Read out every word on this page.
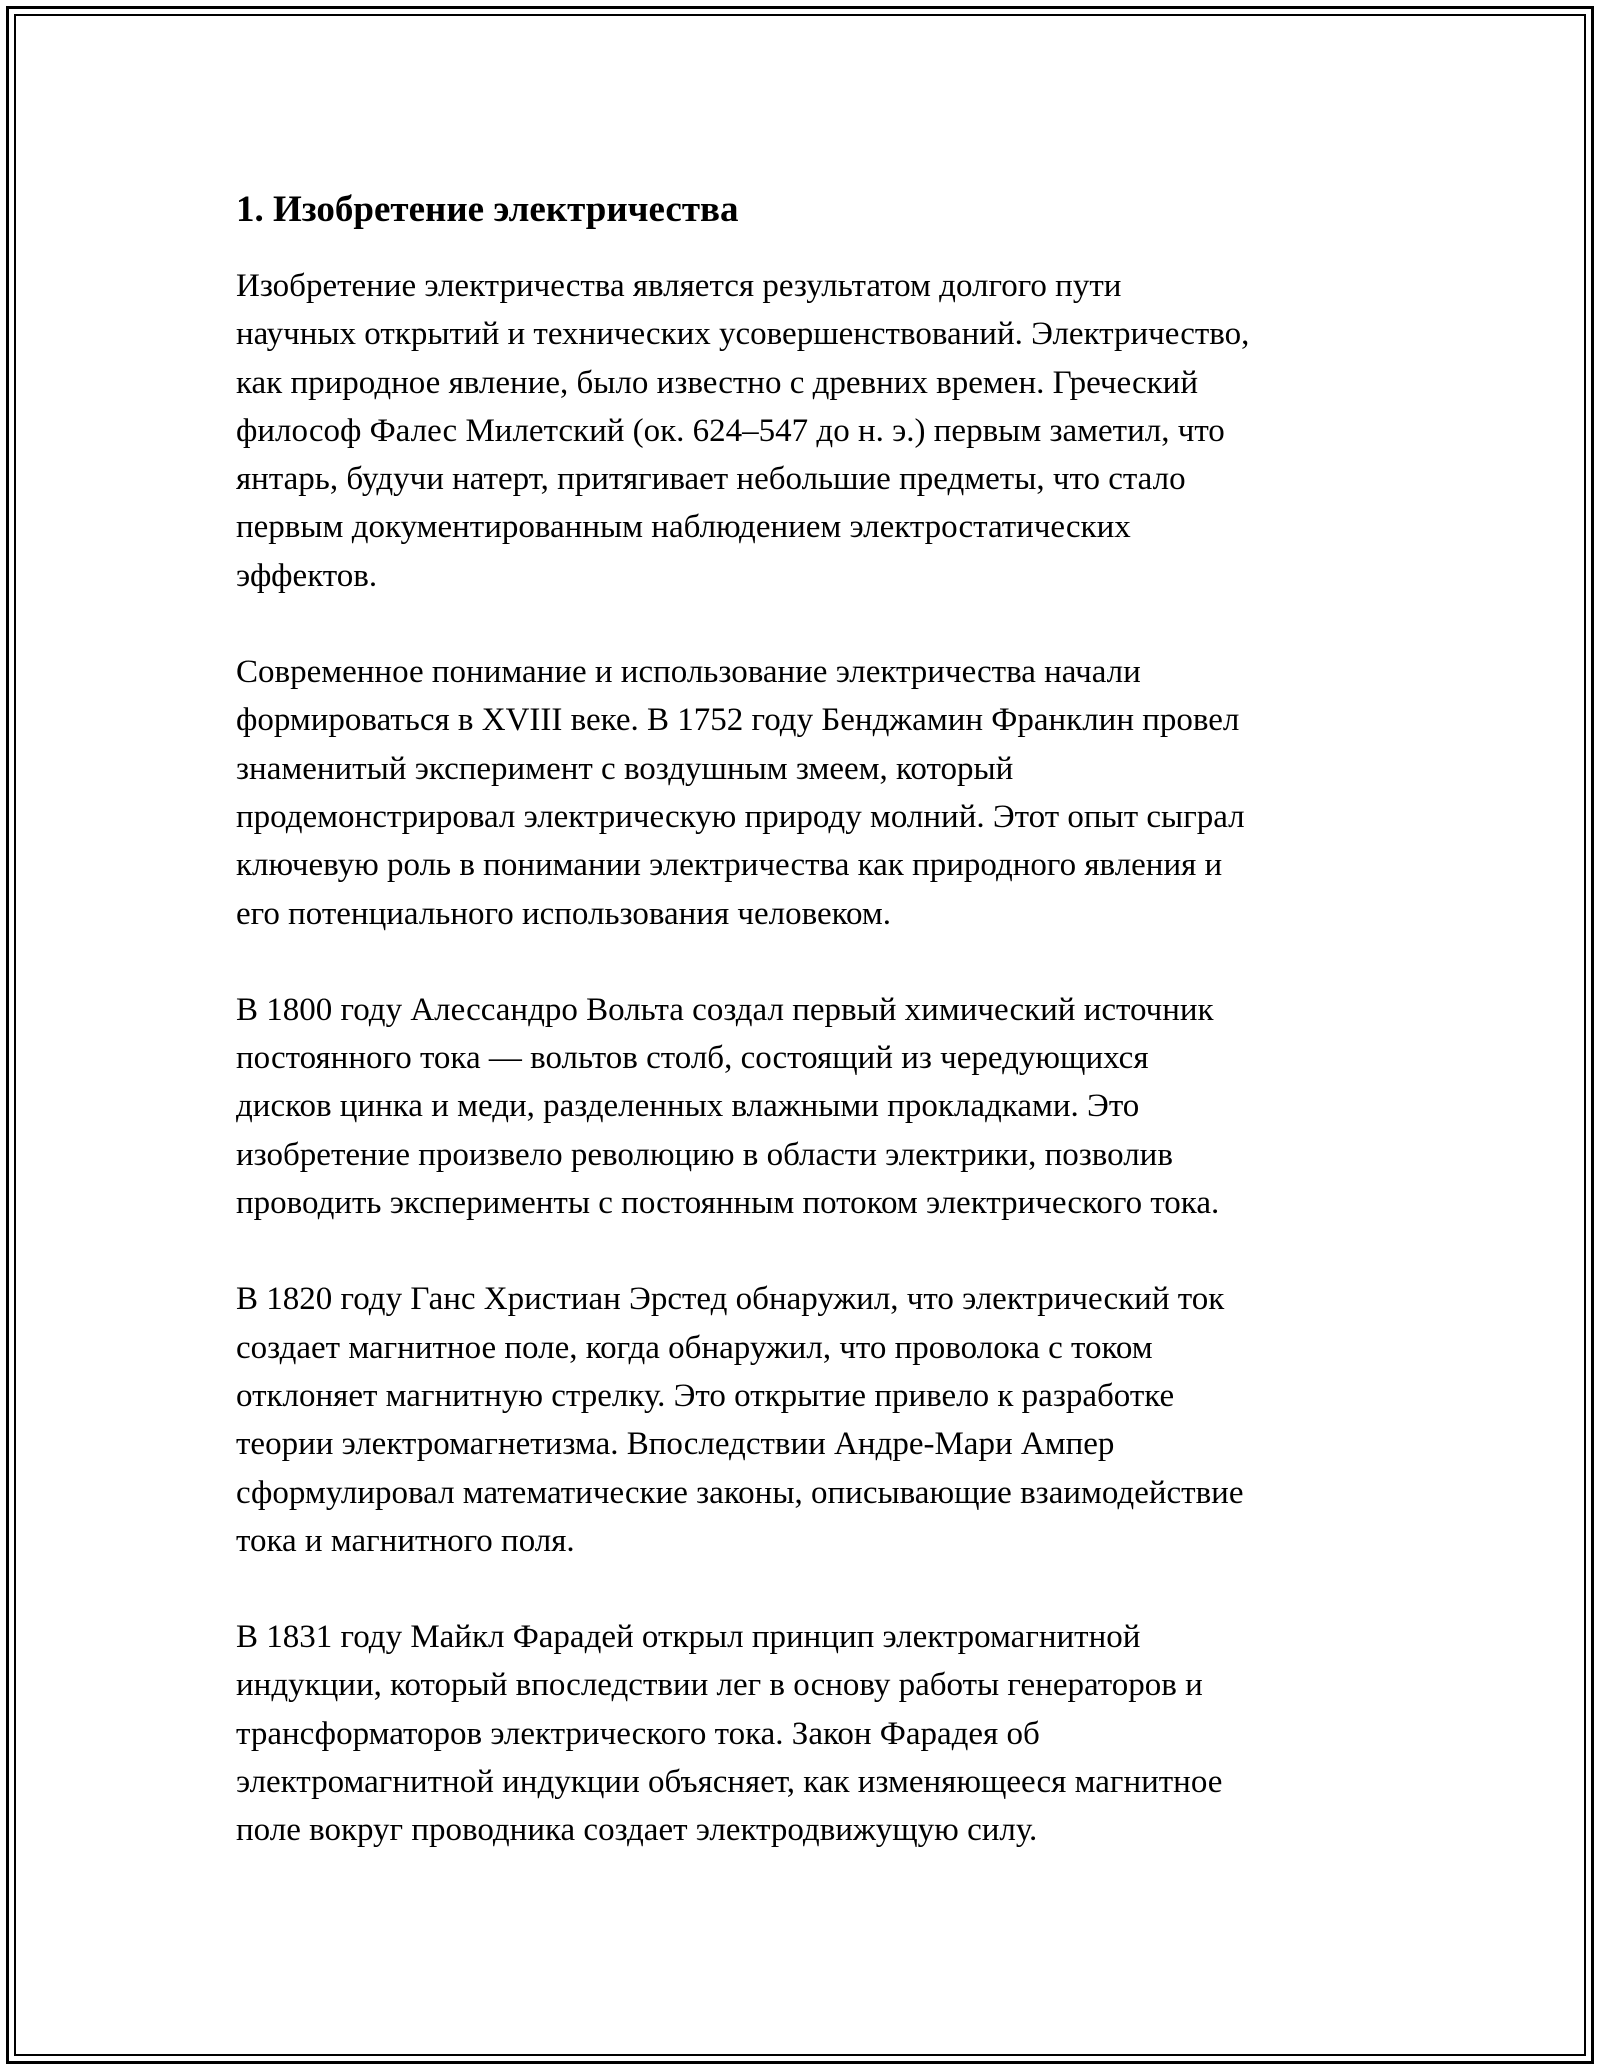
1. Изобретение электричества

Изобретение электричества является результатом долгого пути
научных открытий и технических усовершенствований. Электричество,
как природное явление, было известно с древних времен. Греческий
философ Фалес Милетский (ок. 624–547 до н. э.) первым заметил, что
янтарь, будучи натерт, притягивает небольшие предметы, что стало
первым документированным наблюдением электростатических
эффектов.

Современное понимание и использование электричества начали
формироваться в XVIII веке. В 1752 году Бенджамин Франклин провел
знаменитый эксперимент с воздушным змеем, который
продемонстрировал электрическую природу молний. Этот опыт сыграл
ключевую роль в понимании электричества как природного явления и
его потенциального использования человеком.

В 1800 году Алессандро Вольта создал первый химический источник
постоянного тока — вольтов столб, состоящий из чередующихся
дисков цинка и меди, разделенных влажными прокладками. Это
изобретение произвело революцию в области электрики, позволив
проводить эксперименты с постоянным потоком электрического тока.

В 1820 году Ганс Христиан Эрстед обнаружил, что электрический ток
создает магнитное поле, когда обнаружил, что проволока с током
отклоняет магнитную стрелку. Это открытие привело к разработке
теории электромагнетизма. Впоследствии Андре-Мари Ампер
сформулировал математические законы, описывающие взаимодействие
тока и магнитного поля.

В 1831 году Майкл Фарадей открыл принцип электромагнитной
индукции, который впоследствии лег в основу работы генераторов и
трансформаторов электрического тока. Закон Фарадея об
электромагнитной индукции объясняет, как изменяющееся магнитное
поле вокруг проводника создает электродвижущую силу.
